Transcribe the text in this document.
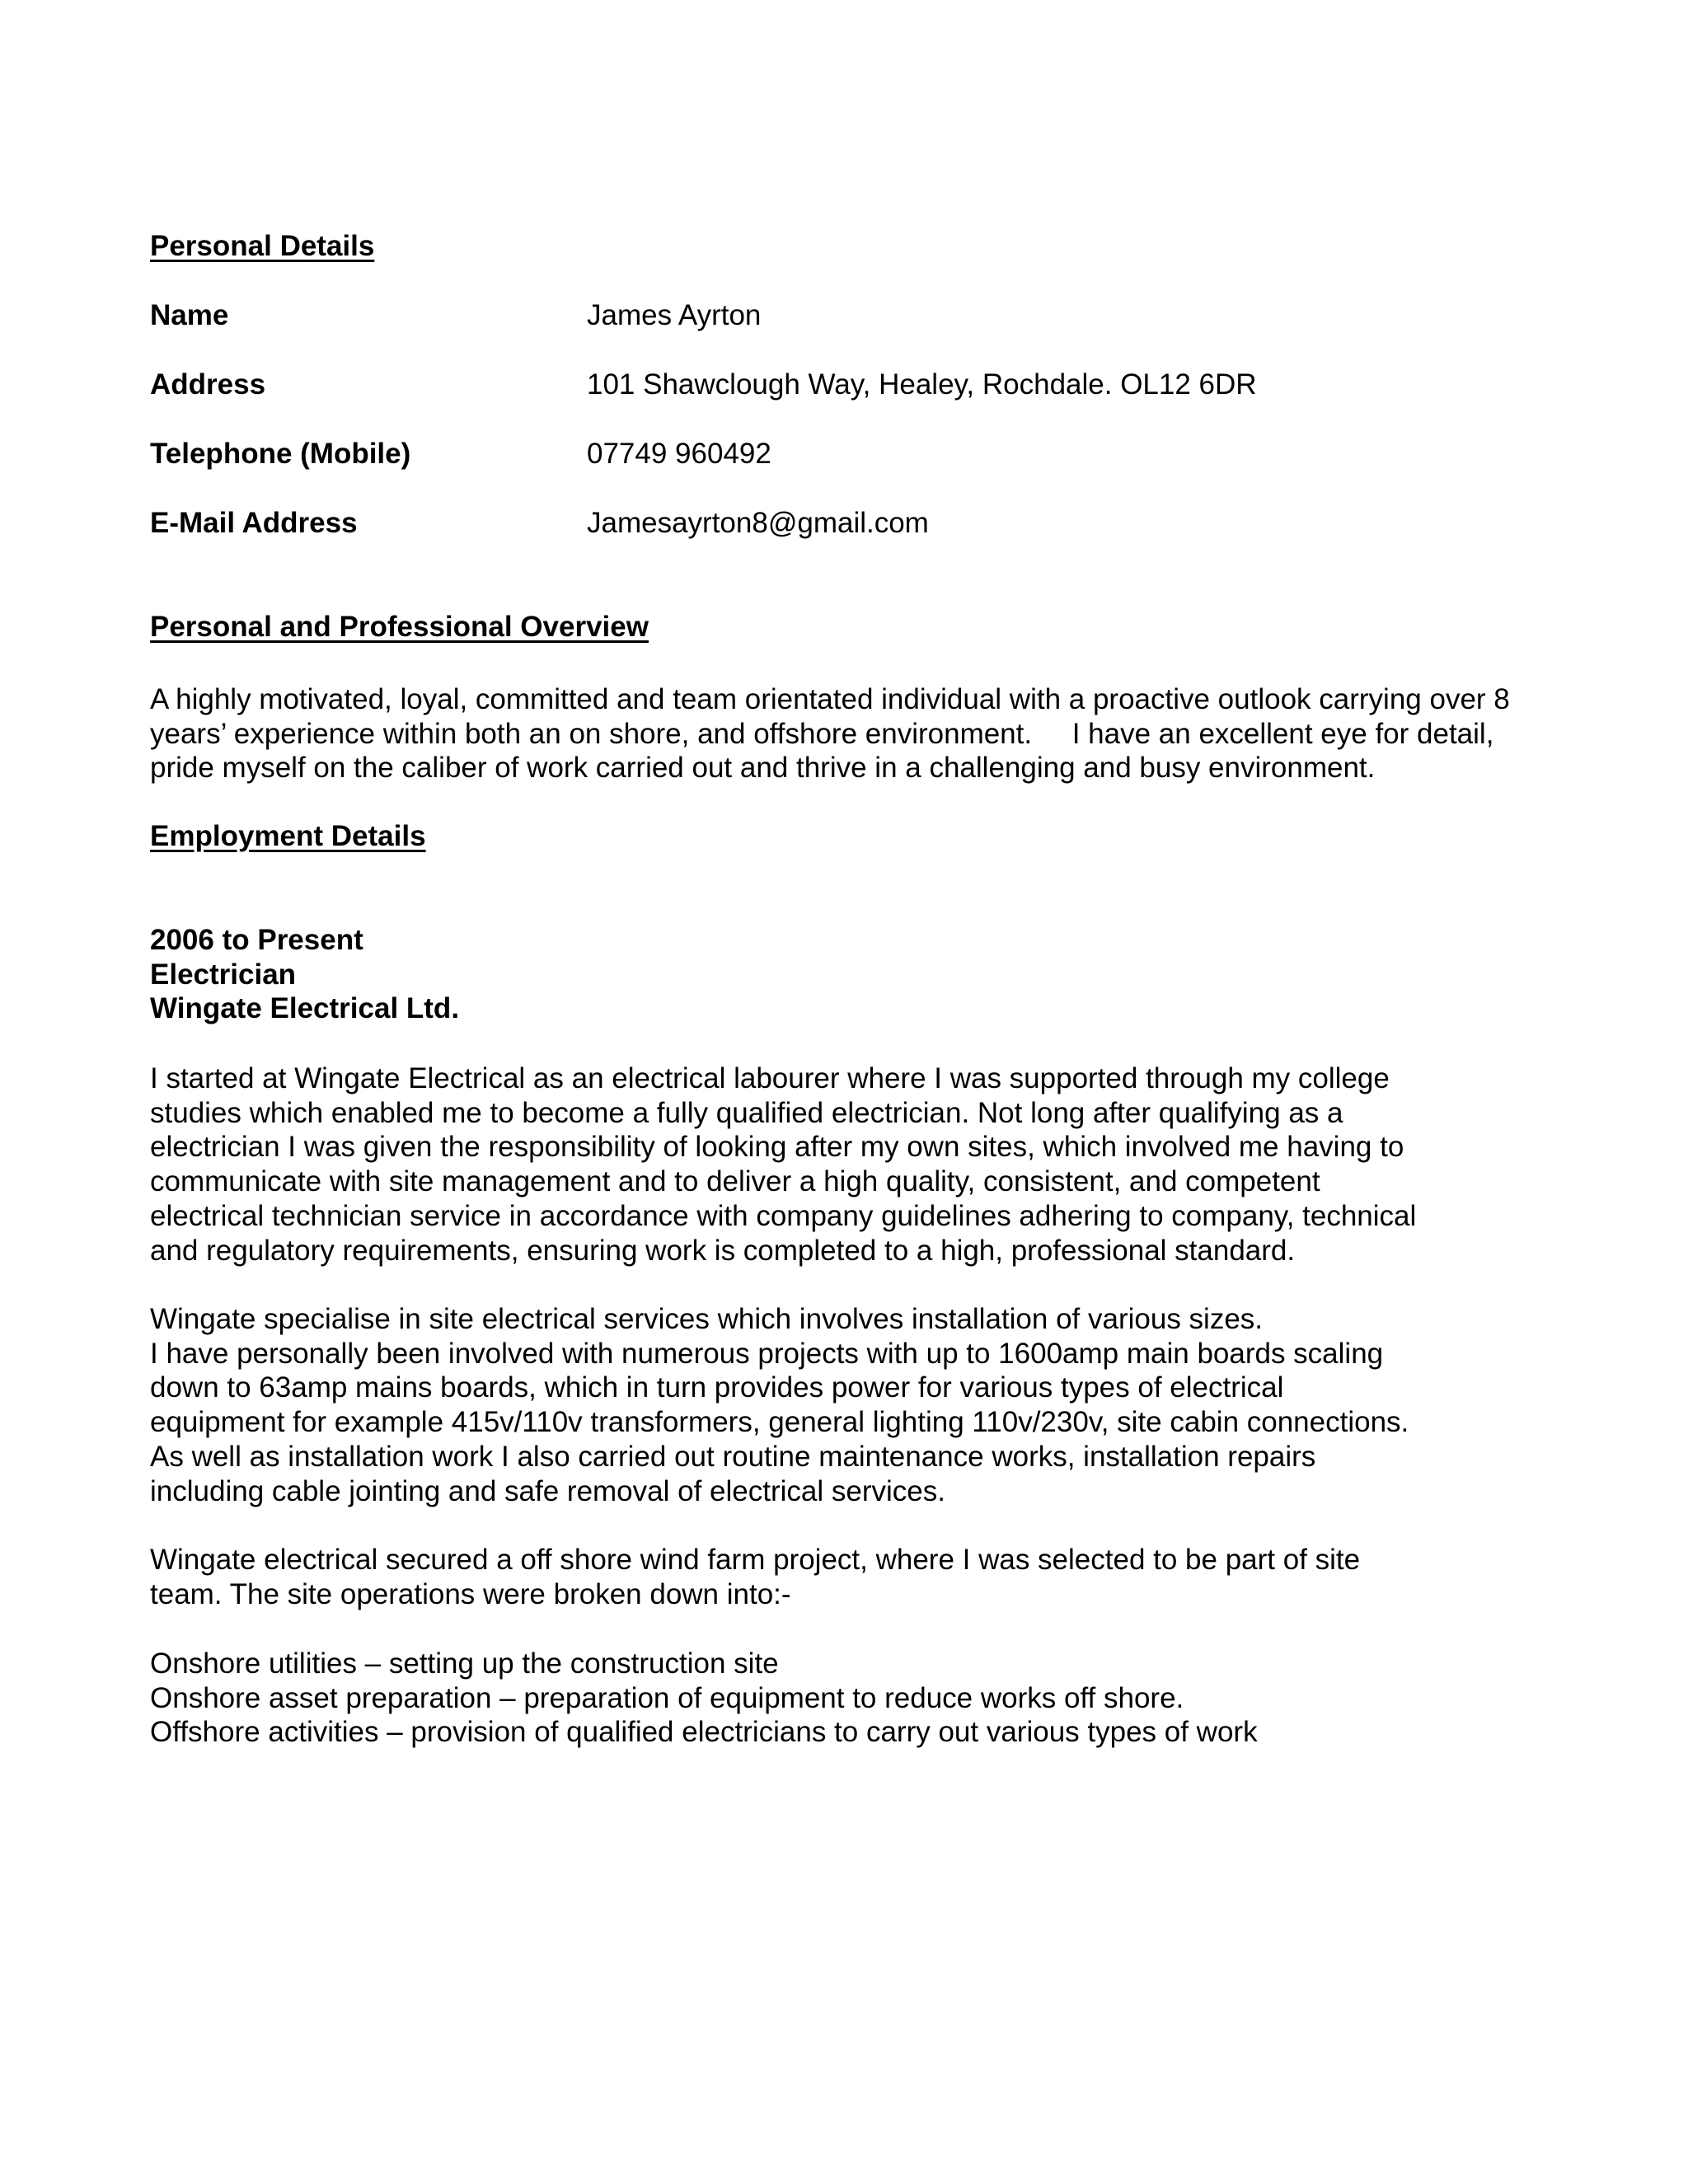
Personal Details
Name	James Ayrton
Address	101 Shawclough Way, Healey, Rochdale. OL12 6DR
Telephone (Mobile)	07749 960492
E-Mail Address	Jamesayrton8@gmail.com
Personal and Professional Overview

A highly motivated, loyal, committed and team orientated individual with a proactive outlook carrying over 8
years’ experience within both an on shore, and offshore environment.     I have an excellent eye for detail,
pride myself on the caliber of work carried out and thrive in a challenging and busy environment.

Employment Details
2006 to Present
Electrician
Wingate Electrical Ltd.

I started at Wingate Electrical as an electrical labourer where I was supported through my college
studies which enabled me to become a fully qualified electrician. Not long after qualifying as a
electrician I was given the responsibility of looking after my own sites, which involved me having to
communicate with site management and to deliver a high quality, consistent, and competent
electrical technician service in accordance with company guidelines adhering to company, technical
and regulatory requirements, ensuring work is completed to a high, professional standard.

Wingate specialise in site electrical services which involves installation of various sizes.
I have personally been involved with numerous projects with up to 1600amp main boards scaling
down to 63amp mains boards, which in turn provides power for various types of electrical
equipment for example 415v/110v transformers, general lighting 110v/230v, site cabin connections.
As well as installation work I also carried out routine maintenance works, installation repairs
including cable jointing and safe removal of electrical services.

Wingate electrical secured a off shore wind farm project, where I was selected to be part of site
team. The site operations were broken down into:-

Onshore utilities – setting up the construction site
Onshore asset preparation – preparation of equipment to reduce works off shore.
Offshore activities – provision of qualified electricians to carry out various types of work
